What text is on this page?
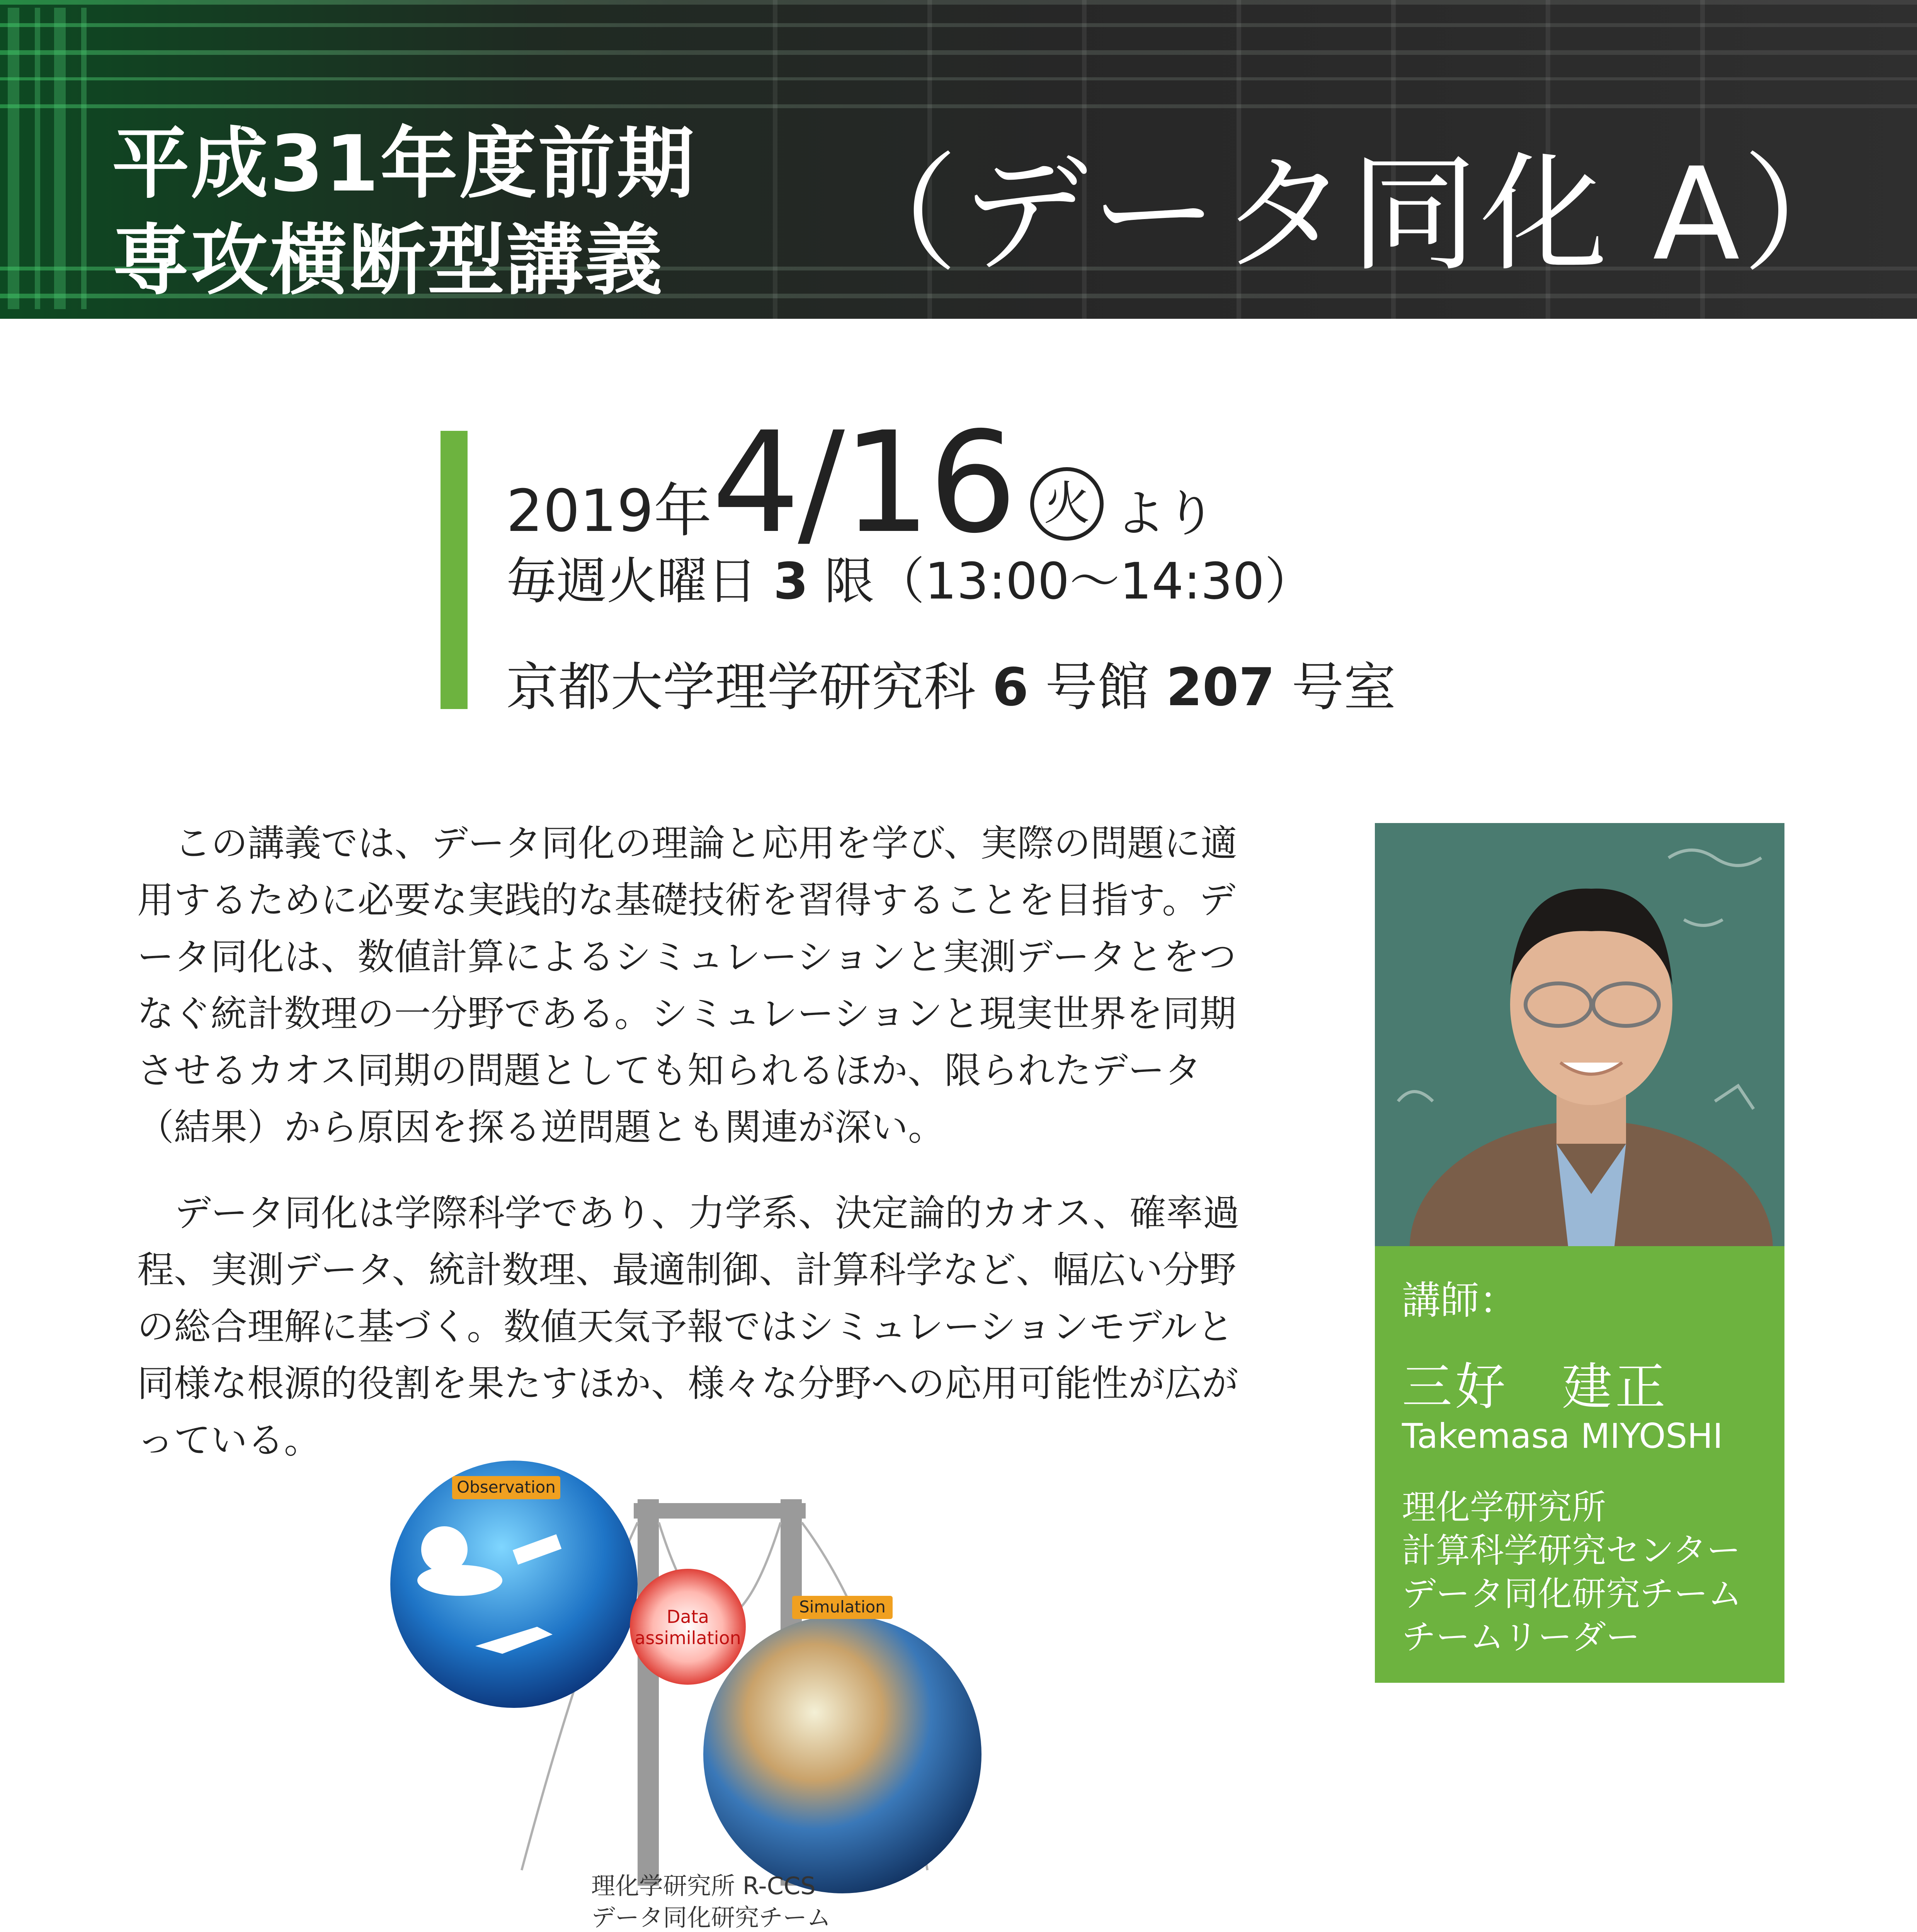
平成31年度前期
専攻横断型講義 （データ同化 A）
2019年4/16 火 より
毎週火曜日 3 限（13:00〜14:30）
京都大学理学研究科 6 号館 207 号室

この講義では、データ同化の理論と応用を学び、実際の問題に適用するために必要な実践的な基礎技術を習得することを目指す。データ同化は、数値計算によるシミュレーションと実測データとをつなぐ統計数理の一分野である。シミュレーションと現実世界を同期させるカオス同期の問題としても知られるほか、限られたデータ（結果）から原因を探る逆問題とも関連が深い。

データ同化は学際科学であり、力学系、決定論的カオス、確率過程、実測データ、統計数理、最適制御、計算科学など、幅広い分野の総合理解に基づく。数値天気予報ではシミュレーションモデルと同様な根源的役割を果たすほか、様々な分野への応用可能性が広がっている。

講師：
三好　建正
Takemasa MIYOSHI
理化学研究所
計算科学研究センター
データ同化研究チーム
チームリーダー
Observation
Data
assimilation
Simulation
理化学研究所 R-CCS
データ同化研究チーム
